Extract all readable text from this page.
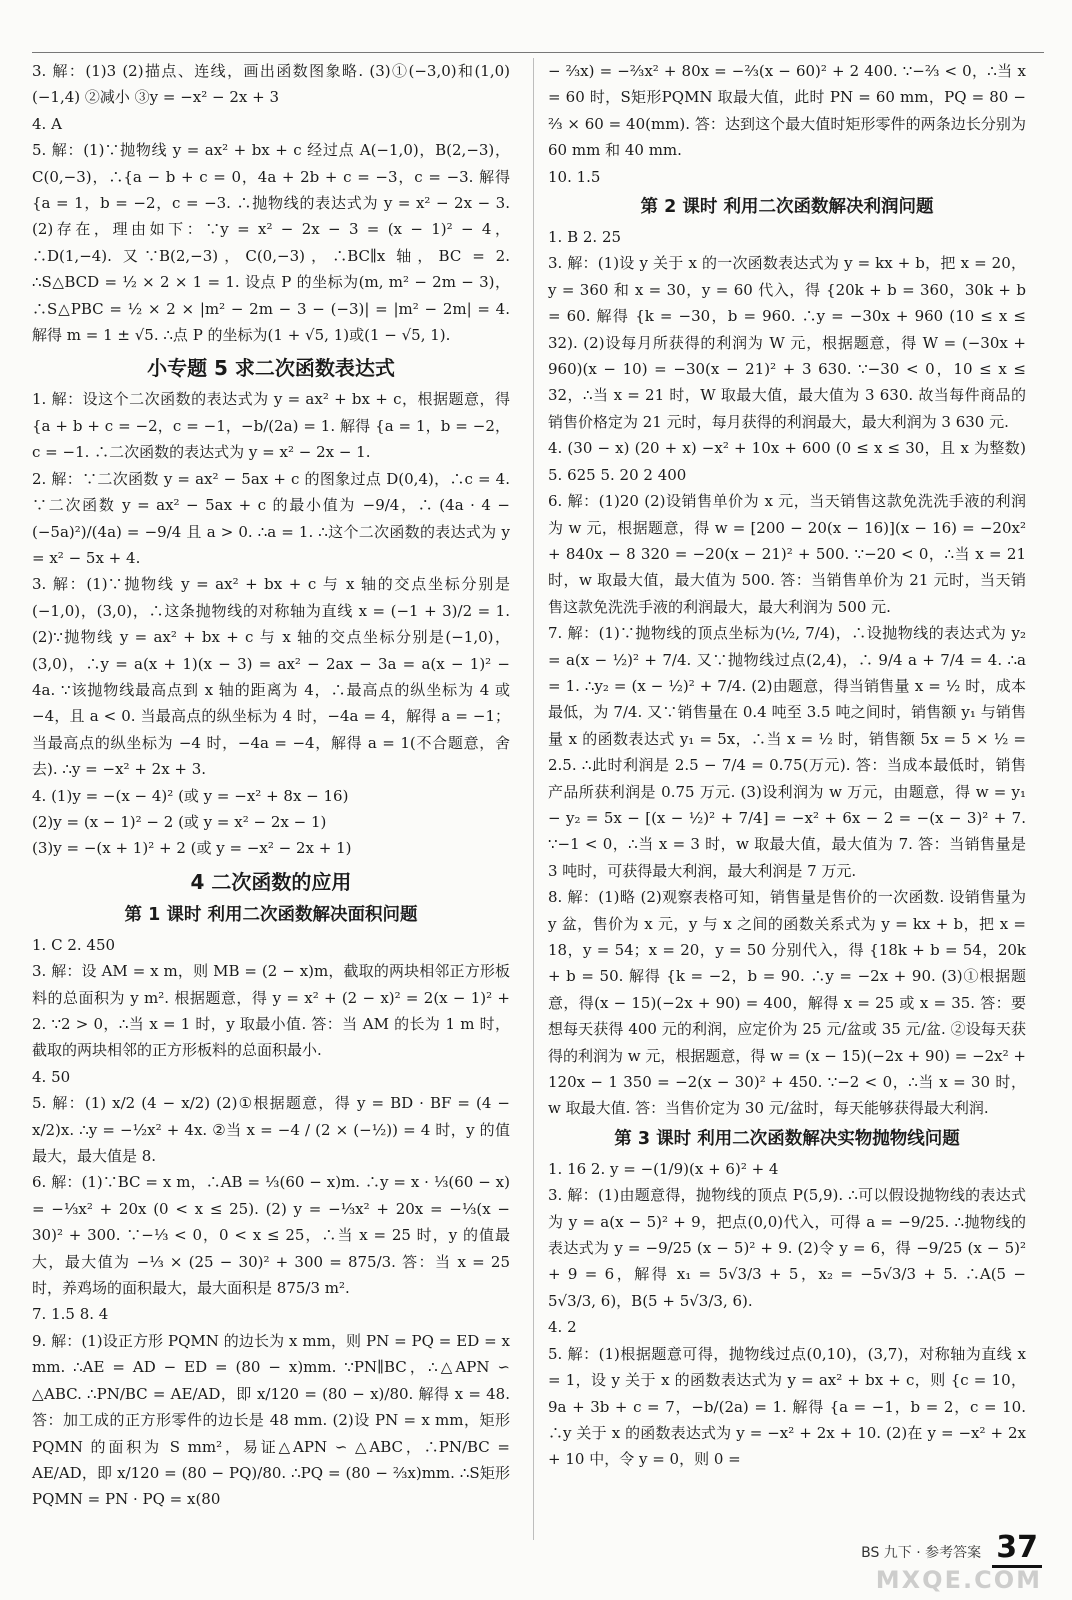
3. 解：(1)3 (2)描点、连线，画出函数图象略. (3)①(−3,0)和(1,0) (−1,4) ②减小 ③y = −x² − 2x + 3

4. A

5. 解：(1)∵抛物线 y = ax² + bx + c 经过点 A(−1,0)，B(2,−3)，C(0,−3)，∴{a − b + c = 0，4a + 2b + c = −3，c = −3. 解得 {a = 1，b = −2，c = −3. ∴抛物线的表达式为 y = x² − 2x − 3. (2)存在，理由如下：∵y = x² − 2x − 3 = (x − 1)² − 4，∴D(1,−4). 又∵B(2,−3)，C(0,−3)，∴BC∥x 轴，BC = 2. ∴S△BCD = ½ × 2 × 1 = 1. 设点 P 的坐标为(m, m² − 2m − 3)，∴S△PBC = ½ × 2 × |m² − 2m − 3 − (−3)| = |m² − 2m| = 4. 解得 m = 1 ± √5. ∴点 P 的坐标为(1 + √5, 1)或(1 − √5, 1).

小专题 5 求二次函数表达式

1. 解：设这个二次函数的表达式为 y = ax² + bx + c，根据题意，得 {a + b + c = −2，c = −1，−b/(2a) = 1. 解得 {a = 1，b = −2，c = −1. ∴二次函数的表达式为 y = x² − 2x − 1.

2. 解：∵二次函数 y = ax² − 5ax + c 的图象过点 D(0,4)，∴c = 4. ∵二次函数 y = ax² − 5ax + c 的最小值为 −9/4，∴ (4a · 4 − (−5a)²)/(4a) = −9/4 且 a > 0. ∴a = 1. ∴这个二次函数的表达式为 y = x² − 5x + 4.

3. 解：(1)∵抛物线 y = ax² + bx + c 与 x 轴的交点坐标分别是(−1,0)，(3,0)，∴这条抛物线的对称轴为直线 x = (−1 + 3)/2 = 1. (2)∵抛物线 y = ax² + bx + c 与 x 轴的交点坐标分别是(−1,0)，(3,0)，∴y = a(x + 1)(x − 3) = ax² − 2ax − 3a = a(x − 1)² − 4a. ∵该抛物线最高点到 x 轴的距离为 4，∴最高点的纵坐标为 4 或 −4，且 a < 0. 当最高点的纵坐标为 4 时，−4a = 4，解得 a = −1；当最高点的纵坐标为 −4 时，−4a = −4，解得 a = 1(不合题意，舍去). ∴y = −x² + 2x + 3.

4. (1)y = −(x − 4)² (或 y = −x² + 8x − 16)

(2)y = (x − 1)² − 2 (或 y = x² − 2x − 1)

(3)y = −(x + 1)² + 2 (或 y = −x² − 2x + 1)

4 二次函数的应用
第 1 课时 利用二次函数解决面积问题

1. C 2. 450

3. 解：设 AM = x m，则 MB = (2 − x)m，截取的两块相邻正方形板料的总面积为 y m². 根据题意，得 y = x² + (2 − x)² = 2(x − 1)² + 2. ∵2 > 0，∴当 x = 1 时，y 取最小值. 答：当 AM 的长为 1 m 时，截取的两块相邻的正方形板料的总面积最小.

4. 50

5. 解：(1) x/2 (4 − x/2) (2)①根据题意，得 y = BD · BF = (4 − x/2)x. ∴y = −½x² + 4x. ②当 x = −4 / (2 × (−½)) = 4 时，y 的值最大，最大值是 8.

6. 解：(1)∵BC = x m，∴AB = ⅓(60 − x)m. ∴y = x · ⅓(60 − x) = −⅓x² + 20x (0 < x ≤ 25). (2) y = −⅓x² + 20x = −⅓(x − 30)² + 300. ∵−⅓ < 0，0 < x ≤ 25，∴当 x = 25 时，y 的值最大，最大值为 −⅓ × (25 − 30)² + 300 = 875/3. 答：当 x = 25 时，养鸡场的面积最大，最大面积是 875/3 m².

7. 1.5 8. 4

9. 解：(1)设正方形 PQMN 的边长为 x mm，则 PN = PQ = ED = x mm. ∴AE = AD − ED = (80 − x)mm. ∵PN∥BC，∴△APN ∽ △ABC. ∴PN/BC = AE/AD，即 x/120 = (80 − x)/80. 解得 x = 48. 答：加工成的正方形零件的边长是 48 mm. (2)设 PN = x mm，矩形 PQMN 的面积为 S mm²，易证△APN ∽ △ABC，∴PN/BC = AE/AD，即 x/120 = (80 − PQ)/80. ∴PQ = (80 − ⅔x)mm. ∴S矩形PQMN = PN · PQ = x(80

− ⅔x) = −⅔x² + 80x = −⅔(x − 60)² + 2 400. ∵−⅔ < 0，∴当 x = 60 时，S矩形PQMN 取最大值，此时 PN = 60 mm，PQ = 80 − ⅔ × 60 = 40(mm). 答：达到这个最大值时矩形零件的两条边长分别为 60 mm 和 40 mm.

10. 1.5

第 2 课时 利用二次函数解决利润问题

1. B 2. 25

3. 解：(1)设 y 关于 x 的一次函数表达式为 y = kx + b，把 x = 20，y = 360 和 x = 30，y = 60 代入，得 {20k + b = 360，30k + b = 60. 解得 {k = −30，b = 960. ∴y = −30x + 960 (10 ≤ x ≤ 32). (2)设每月所获得的利润为 W 元，根据题意，得 W = (−30x + 960)(x − 10) = −30(x − 21)² + 3 630. ∵−30 < 0，10 ≤ x ≤ 32，∴当 x = 21 时，W 取最大值，最大值为 3 630. 故当每件商品的销售价格定为 21 元时，每月获得的利润最大，最大利润为 3 630 元.

4. (30 − x) (20 + x) −x² + 10x + 600 (0 ≤ x ≤ 30，且 x 为整数) 5. 625 5. 20 2 400

6. 解：(1)20 (2)设销售单价为 x 元，当天销售这款免洗洗手液的利润为 w 元，根据题意，得 w = [200 − 20(x − 16)](x − 16) = −20x² + 840x − 8 320 = −20(x − 21)² + 500. ∵−20 < 0，∴当 x = 21 时，w 取最大值，最大值为 500. 答：当销售单价为 21 元时，当天销售这款免洗洗手液的利润最大，最大利润为 500 元.

7. 解：(1)∵抛物线的顶点坐标为(½, 7/4)，∴设抛物线的表达式为 y₂ = a(x − ½)² + 7/4. 又∵抛物线过点(2,4)，∴ 9/4 a + 7/4 = 4. ∴a = 1. ∴y₂ = (x − ½)² + 7/4. (2)由题意，得当销售量 x = ½ 时，成本最低，为 7/4. 又∵销售量在 0.4 吨至 3.5 吨之间时，销售额 y₁ 与销售量 x 的函数表达式 y₁ = 5x，∴当 x = ½ 时，销售额 5x = 5 × ½ = 2.5. ∴此时利润是 2.5 − 7/4 = 0.75(万元). 答：当成本最低时，销售产品所获利润是 0.75 万元. (3)设利润为 w 万元，由题意，得 w = y₁ − y₂ = 5x − [(x − ½)² + 7/4] = −x² + 6x − 2 = −(x − 3)² + 7. ∵−1 < 0，∴当 x = 3 时，w 取最大值，最大值为 7. 答：当销售量是 3 吨时，可获得最大利润，最大利润是 7 万元.

8. 解：(1)略 (2)观察表格可知，销售量是售价的一次函数. 设销售量为 y 盆，售价为 x 元，y 与 x 之间的函数关系式为 y = kx + b，把 x = 18，y = 54；x = 20，y = 50 分别代入，得 {18k + b = 54，20k + b = 50. 解得 {k = −2，b = 90. ∴y = −2x + 90. (3)①根据题意，得(x − 15)(−2x + 90) = 400，解得 x = 25 或 x = 35. 答：要想每天获得 400 元的利润，应定价为 25 元/盆或 35 元/盆. ②设每天获得的利润为 w 元，根据题意，得 w = (x − 15)(−2x + 90) = −2x² + 120x − 1 350 = −2(x − 30)² + 450. ∵−2 < 0，∴当 x = 30 时，w 取最大值. 答：当售价定为 30 元/盆时，每天能够获得最大利润.

第 3 课时 利用二次函数解决实物抛物线问题

1. 16 2. y = −(1/9)(x + 6)² + 4

3. 解：(1)由题意得，抛物线的顶点 P(5,9). ∴可以假设抛物线的表达式为 y = a(x − 5)² + 9，把点(0,0)代入，可得 a = −9/25. ∴抛物线的表达式为 y = −9/25 (x − 5)² + 9. (2)令 y = 6，得 −9/25 (x − 5)² + 9 = 6，解得 x₁ = 5√3/3 + 5，x₂ = −5√3/3 + 5. ∴A(5 − 5√3/3, 6)，B(5 + 5√3/3, 6).

4. 2

5. 解：(1)根据题意可得，抛物线过点(0,10)，(3,7)，对称轴为直线 x = 1，设 y 关于 x 的函数表达式为 y = ax² + bx + c，则 {c = 10，9a + 3b + c = 7，−b/(2a) = 1. 解得 {a = −1，b = 2，c = 10. ∴y 关于 x 的函数表达式为 y = −x² + 2x + 10. (2)在 y = −x² + 2x + 10 中，令 y = 0，则 0 =

BS 九下 · 参考答案 37
MXQE.COM
